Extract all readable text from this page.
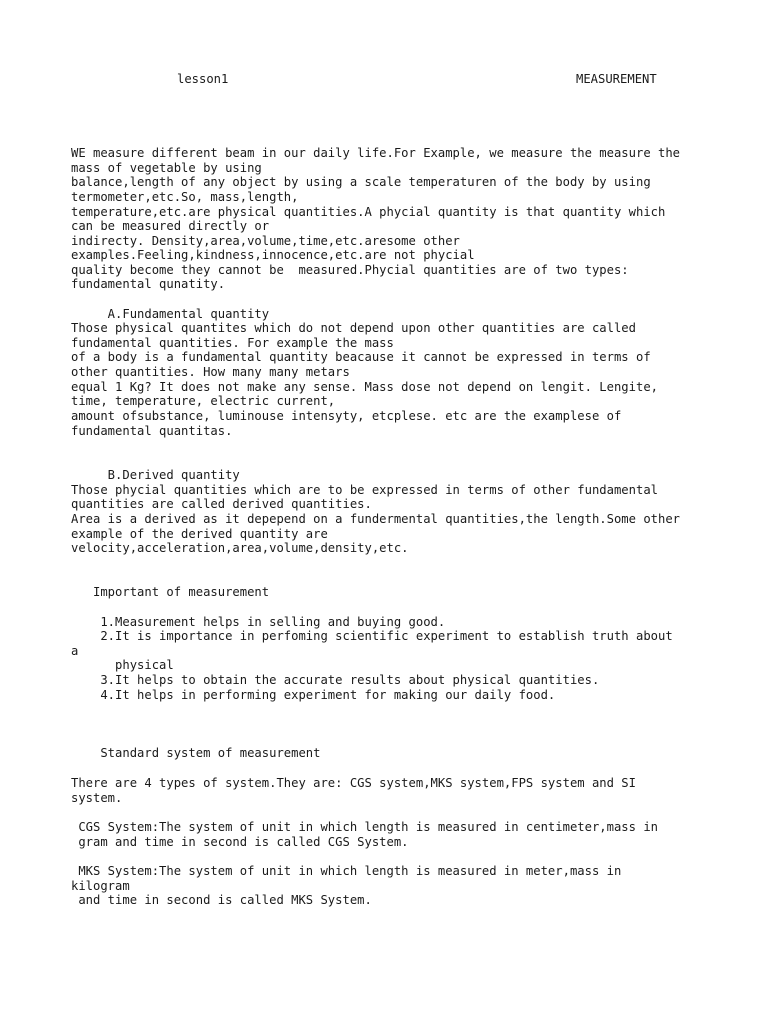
lesson1	MEASUREMENT
WE measure different beam in our daily life.For Example, we measure the measure the
mass of vegetable by using
balance,length of any object by using a scale temperaturen of the body by using
termometer,etc.So, mass,length,
temperature,etc.are physical quantities.A phycial quantity is that quantity which
can be measured directly or
indirecty. Density,area,volume,time,etc.aresome other
examples.Feeling,kindness,innocence,etc.are not phycial
quality become they cannot be  measured.Phycial quantities are of two types:
fundamental qunatity.
A.Fundamental quantity
Those physical quantites which do not depend upon other quantities are called
fundamental quantities. For example the mass
of a body is a fundamental quantity beacause it cannot be expressed in terms of
other quantities. How many many metars
equal 1 Kg? It does not make any sense. Mass dose not depend on lengit. Lengite,
time, temperature, electric current,
amount ofsubstance, luminouse intensyty, etcplese. etc are the examplese of
fundamental quantitas.
B.Derived quantity
Those phycial quantities which are to be expressed in terms of other fundamental
quantities are called derived quantities.
Area is a derived as it depepend on a fundermental quantities,the length.Some other
example of the derived quantity are
velocity,acceleration,area,volume,density,etc.
Important of measurement
1.Measurement helps in selling and buying good.
2.It is importance in perfoming scientific experiment to establish truth about
a
physical
3.It helps to obtain the accurate results about physical quantities.
4.It helps in performing experiment for making our daily food.
Standard system of measurement
There are 4 types of system.They are: CGS system,MKS system,FPS system and SI
system.
CGS System:The system of unit in which length is measured in centimeter,mass in
gram and time in second is called CGS System.
MKS System:The system of unit in which length is measured in meter,mass in
kilogram
and time in second is called MKS System.
